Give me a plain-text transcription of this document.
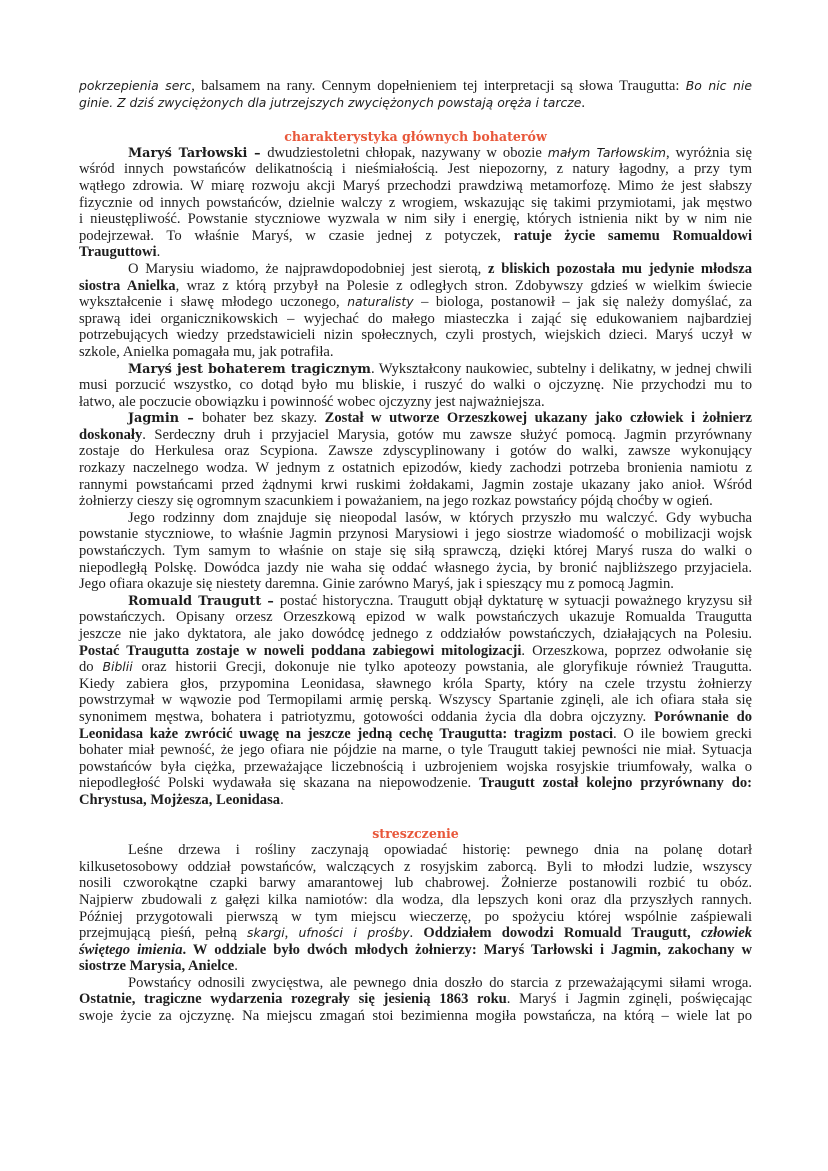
pokrzepienia serc, balsamem na rany. Cennym dopełnieniem tej interpretacji są słowa Traugutta: Bo nic nie
ginie. Z dziś zwyciężonych dla jutrzejszych zwyciężonych powstają oręża i tarcze.
charakterystyka głównych bohaterów
Maryś Tarłowski – dwudziestoletni chłopak, nazywany w obozie małym Tarłowskim, wyróżnia się
wśród innych powstańców delikatnością i nieśmiałością. Jest niepozorny, z natury łagodny, a przy tym
wątłego zdrowia. W miarę rozwoju akcji Maryś przechodzi prawdziwą metamorfozę. Mimo że jest słabszy
fizycznie od innych powstańców, dzielnie walczy z wrogiem, wskazując się takimi przymiotami, jak męstwo
i nieustępliwość. Powstanie styczniowe wyzwala w nim siły i energię, których istnienia nikt by w nim nie
podejrzewał. To właśnie Maryś, w czasie jednej z potyczek, ratuje życie samemu Romualdowi
Trauguttowi.
O Marysiu wiadomo, że najprawdopodobniej jest sierotą, z bliskich pozostała mu jedynie młodsza
siostra Anielka, wraz z którą przybył na Polesie z odległych stron. Zdobywszy gdzieś w wielkim świecie
wykształcenie i sławę młodego uczonego, naturalisty – biologa, postanowił – jak się należy domyślać, za
sprawą idei organicznikowskich – wyjechać do małego miasteczka i zająć się edukowaniem najbardziej
potrzebujących wiedzy przedstawicieli nizin społecznych, czyli prostych, wiejskich dzieci. Maryś uczył w
szkole, Anielka pomagała mu, jak potrafiła.
Maryś jest bohaterem tragicznym. Wykształcony naukowiec, subtelny i delikatny, w jednej chwili
musi porzucić wszystko, co dotąd było mu bliskie, i ruszyć do walki o ojczyznę. Nie przychodzi mu to
łatwo, ale poczucie obowiązku i powinność wobec ojczyzny jest najważniejsza.
Jagmin – bohater bez skazy. Został w utworze Orzeszkowej ukazany jako człowiek i żołnierz
doskonały. Serdeczny druh i przyjaciel Marysia, gotów mu zawsze służyć pomocą. Jagmin przyrównany
zostaje do Herkulesa oraz Scypiona. Zawsze zdyscyplinowany i gotów do walki, zawsze wykonujący
rozkazy naczelnego wodza. W jednym z ostatnich epizodów, kiedy zachodzi potrzeba bronienia namiotu z
rannymi powstańcami przed żądnymi krwi ruskimi żołdakami, Jagmin zostaje ukazany jako anioł. Wśród
żołnierzy cieszy się ogromnym szacunkiem i poważaniem, na jego rozkaz powstańcy pójdą choćby w ogień.
Jego rodzinny dom znajduje się nieopodal lasów, w których przyszło mu walczyć. Gdy wybucha
powstanie styczniowe, to właśnie Jagmin przynosi Marysiowi i jego siostrze wiadomość o mobilizacji wojsk
powstańczych. Tym samym to właśnie on staje się siłą sprawczą, dzięki której Maryś rusza do walki o
niepodległą Polskę. Dowódca jazdy nie waha się oddać własnego życia, by bronić najbliższego przyjaciela.
Jego ofiara okazuje się niestety daremna. Ginie zarówno Maryś, jak i spieszący mu z pomocą Jagmin.
Romuald Traugutt – postać historyczna. Traugutt objął dyktaturę w sytuacji poważnego kryzysu sił
powstańczych. Opisany orzesz Orzeszkową epizod w walk powstańczych ukazuje Romualda Traugutta
jeszcze nie jako dyktatora, ale jako dowódcę jednego z oddziałów powstańczych, działających na Polesiu.
Postać Traugutta zostaje w noweli poddana zabiegowi mitologizacji. Orzeszkowa, poprzez odwołanie się
do Biblii oraz historii Grecji, dokonuje nie tylko apoteozy powstania, ale gloryfikuje również Traugutta.
Kiedy zabiera głos, przypomina Leonidasa, sławnego króla Sparty, który na czele trzystu żołnierzy
powstrzymał w wąwozie pod Termopilami armię perską. Wszyscy Spartanie zginęli, ale ich ofiara stała się
synonimem męstwa, bohatera i patriotyzmu, gotowości oddania życia dla dobra ojczyzny. Porównanie do
Leonidasa każe zwrócić uwagę na jeszcze jedną cechę Traugutta: tragizm postaci. O ile bowiem grecki
bohater miał pewność, że jego ofiara nie pójdzie na marne, o tyle Traugutt takiej pewności nie miał. Sytuacja
powstańców była ciężka, przeważające liczebnością i uzbrojeniem wojska rosyjskie triumfowały, walka o
niepodległość Polski wydawała się skazana na niepowodzenie. Traugutt został kolejno przyrównany do:
Chrystusa, Mojżesza, Leonidasa.
streszczenie
Leśne drzewa i rośliny zaczynają opowiadać historię: pewnego dnia na polanę dotarł
kilkusetosobowy oddział powstańców, walczących z rosyjskim zaborcą. Byli to młodzi ludzie, wszyscy
nosili czworokątne czapki barwy amarantowej lub chabrowej. Żołnierze postanowili rozbić tu obóz.
Najpierw zbudowali z gałęzi kilka namiotów: dla wodza, dla lepszych koni oraz dla przyszłych rannych.
Później przygotowali pierwszą w tym miejscu wieczerzę, po spożyciu której wspólnie zaśpiewali
przejmującą pieśń, pełną skargi, ufności i prośby. Oddziałem dowodzi Romuald Traugutt, człowiek
świętego imienia. W oddziale było dwóch młodych żołnierzy: Maryś Tarłowski i Jagmin, zakochany w
siostrze Marysia, Anielce.
Powstańcy odnosili zwycięstwa, ale pewnego dnia doszło do starcia z przeważającymi siłami wroga.
Ostatnie, tragiczne wydarzenia rozegrały się jesienią 1863 roku. Maryś i Jagmin zginęli, poświęcając
swoje życie za ojczyznę. Na miejscu zmagań stoi bezimienna mogiła powstańcza, na którą – wiele lat po
